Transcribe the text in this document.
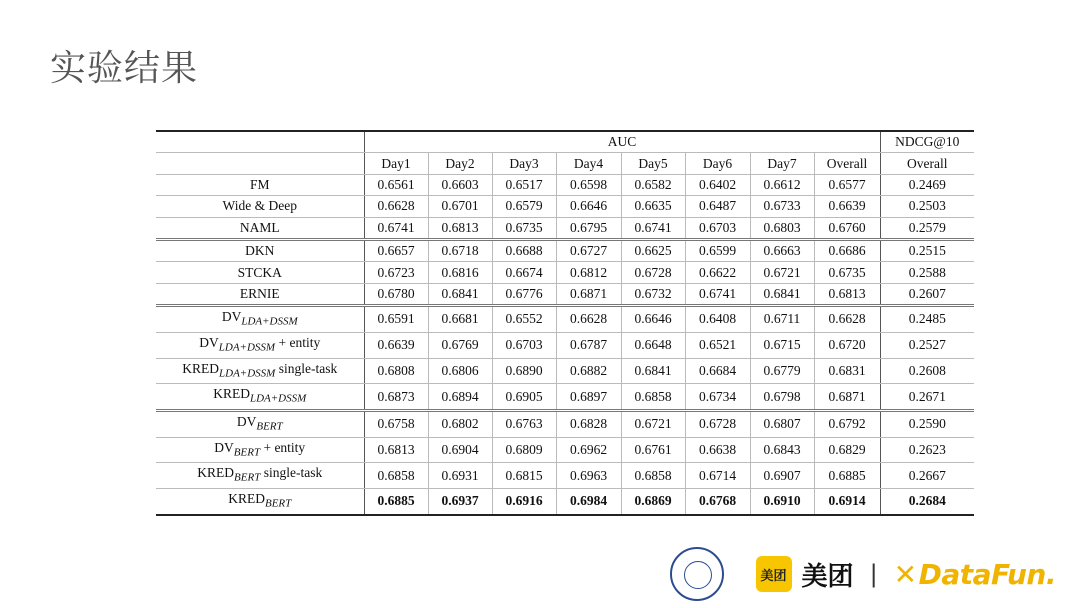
实验结果
	AUC								NDCG@10
	Day1	Day2	Day3	Day4	Day5	Day6	Day7	Overall	Overall
FM	0.6561	0.6603	0.6517	0.6598	0.6582	0.6402	0.6612	0.6577	0.2469
Wide & Deep	0.6628	0.6701	0.6579	0.6646	0.6635	0.6487	0.6733	0.6639	0.2503
NAML	0.6741	0.6813	0.6735	0.6795	0.6741	0.6703	0.6803	0.6760	0.2579
DKN	0.6657	0.6718	0.6688	0.6727	0.6625	0.6599	0.6663	0.6686	0.2515
STCKA	0.6723	0.6816	0.6674	0.6812	0.6728	0.6622	0.6721	0.6735	0.2588
ERNIE	0.6780	0.6841	0.6776	0.6871	0.6732	0.6741	0.6841	0.6813	0.2607
$DV_{LDA+DSSM}$	0.6591	0.6681	0.6552	0.6628	0.6646	0.6408	0.6711	0.6628	0.2485
$DV_{LDA+DSSM}$ + entity	0.6639	0.6769	0.6703	0.6787	0.6648	0.6521	0.6715	0.6720	0.2527
$KRED_{LDA+DSSM}$ single-task	0.6808	0.6806	0.6890	0.6882	0.6841	0.6684	0.6779	0.6831	0.2608
$KRED_{LDA+DSSM}$	0.6873	0.6894	0.6905	0.6897	0.6858	0.6734	0.6798	0.6871	0.2671
$DV_{BERT}$	0.6758	0.6802	0.6763	0.6828	0.6721	0.6728	0.6807	0.6792	0.2590
$DV_{BERT}$ + entity	0.6813	0.6904	0.6809	0.6962	0.6761	0.6638	0.6843	0.6829	0.2623
$KRED_{BERT}$ single-task	0.6858	0.6931	0.6815	0.6963	0.6858	0.6714	0.6907	0.6885	0.2667
$KRED_{BERT}$	0.6885	0.6937	0.6916	0.6984	0.6869	0.6768	0.6910	0.6914	0.2684
美团 美团 | ✕DataFun.
